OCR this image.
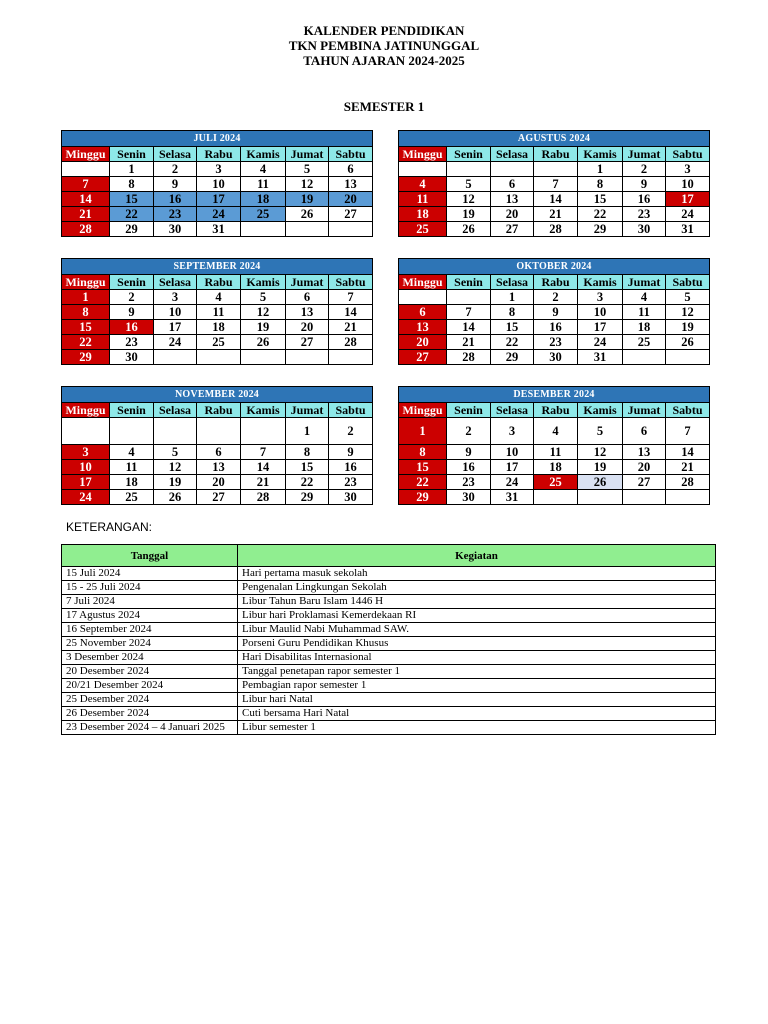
KALENDER PENDIDIKAN
TKN PEMBINA JATINUNGGAL
TAHUN AJARAN 2024-2025
SEMESTER 1
JULI 2024						
Minggu	Senin	Selasa	Rabu	Kamis	Jumat	Sabtu
	1	2	3	4	5	6
7	8	9	10	11	12	13
14	15	16	17	18	19	20
21	22	23	24	25	26	27
28	29	30	31			
AGUSTUS 2024						
Minggu	Senin	Selasa	Rabu	Kamis	Jumat	Sabtu
				1	2	3
4	5	6	7	8	9	10
11	12	13	14	15	16	17
18	19	20	21	22	23	24
25	26	27	28	29	30	31
SEPTEMBER 2024						
Minggu	Senin	Selasa	Rabu	Kamis	Jumat	Sabtu
1	2	3	4	5	6	7
8	9	10	11	12	13	14
15	16	17	18	19	20	21
22	23	24	25	26	27	28
29	30					
OKTOBER 2024						
Minggu	Senin	Selasa	Rabu	Kamis	Jumat	Sabtu
		1	2	3	4	5
6	7	8	9	10	11	12
13	14	15	16	17	18	19
20	21	22	23	24	25	26
27	28	29	30	31		
NOVEMBER 2024						
Minggu	Senin	Selasa	Rabu	Kamis	Jumat	Sabtu
					1	2
3	4	5	6	7	8	9
10	11	12	13	14	15	16
17	18	19	20	21	22	23
24	25	26	27	28	29	30
DESEMBER 2024						
Minggu	Senin	Selasa	Rabu	Kamis	Jumat	Sabtu
1	2	3	4	5	6	7
8	9	10	11	12	13	14
15	16	17	18	19	20	21
22	23	24	25	26	27	28
29	30	31				
KETERANGAN:
Tanggal	Kegiatan
15 Juli 2024	Hari pertama masuk sekolah
15 - 25 Juli 2024	Pengenalan Lingkungan Sekolah
7 Juli 2024	Libur Tahun Baru Islam 1446 H
17 Agustus 2024	Libur hari Proklamasi Kemerdekaan RI
16 September 2024	Libur Maulid Nabi Muhammad SAW.
25 November 2024	Porseni Guru Pendidikan Khusus
3 Desember 2024	Hari Disabilitas Internasional
20 Desember 2024	Tanggal penetapan rapor semester 1
20/21 Desember 2024	Pembagian rapor semester 1
25 Desember 2024	Libur hari Natal
26 Desember 2024	Cuti bersama Hari Natal
23 Desember 2024 – 4 Januari 2025	Libur semester 1
